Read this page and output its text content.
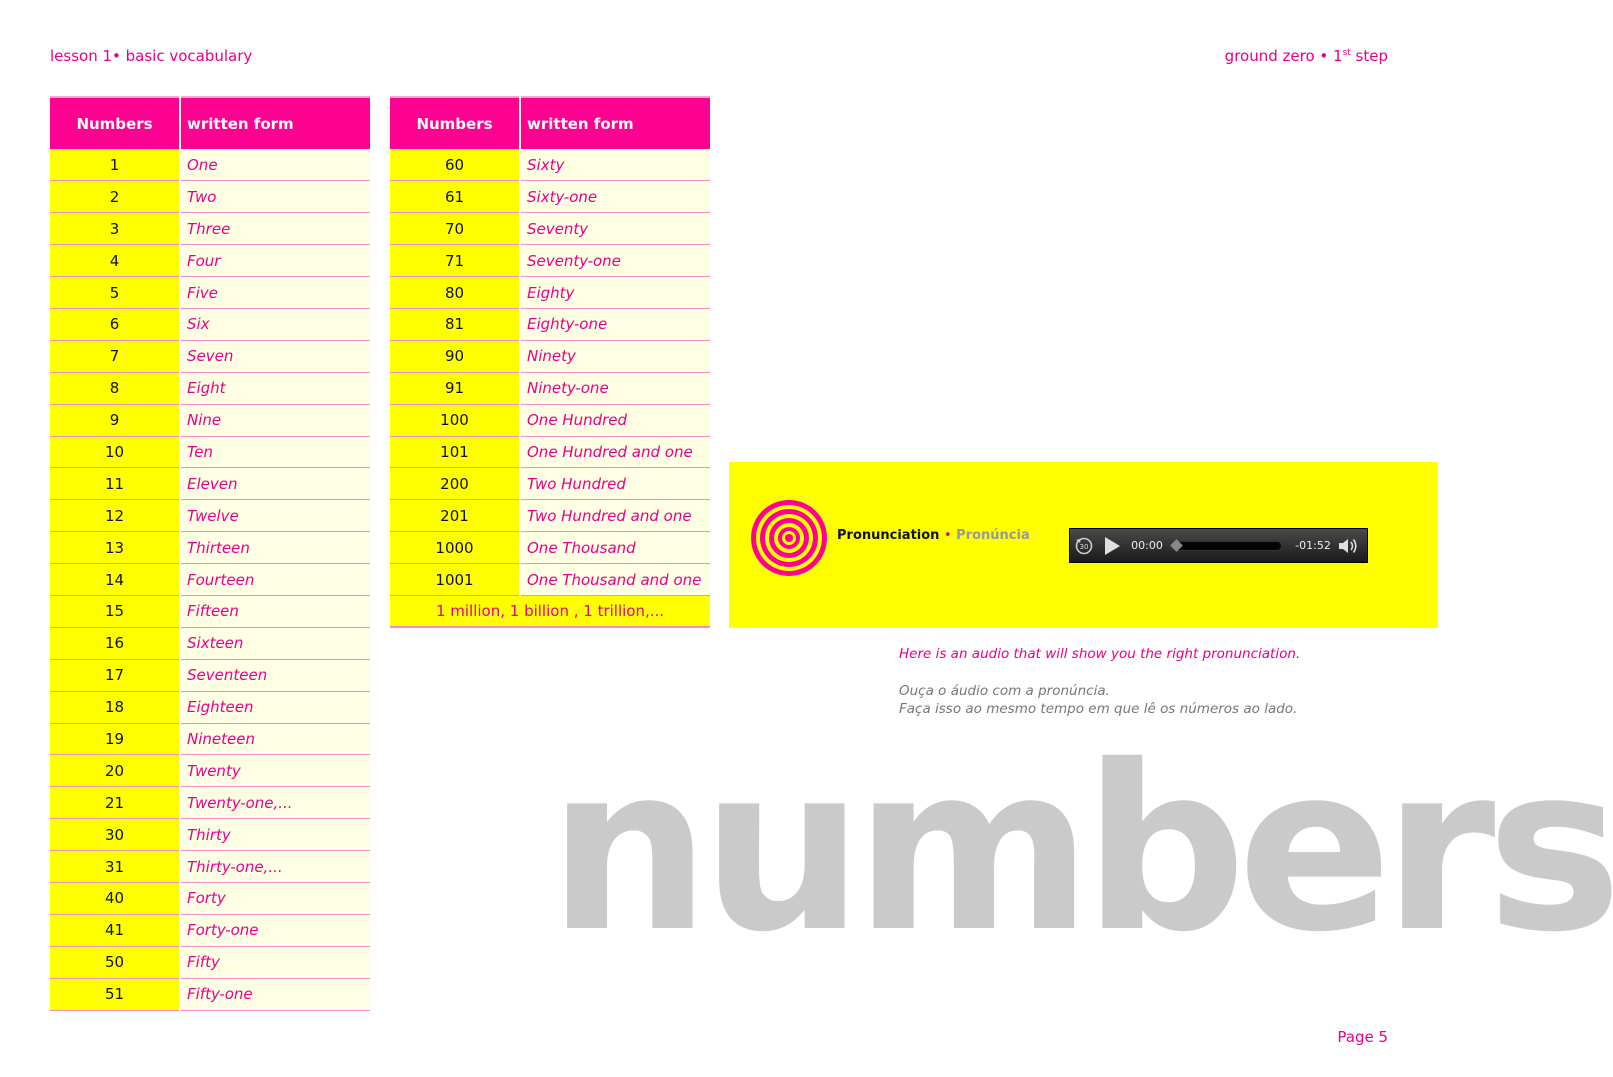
lesson 1• basic vocabulary	ground zero • 1st step
Numbers	written form
1	One
2	Two
3	Three
4	Four
5	Five
6	Six
7	Seven
8	Eight
9	Nine
10	Ten
11	Eleven
12	Twelve
13	Thirteen
14	Fourteen
15	Fifteen
16	Sixteen
17	Seventeen
18	Eighteen
19	Nineteen
20	Twenty
21	Twenty-one,...
30	Thirty
31	Thirty-one,...
40	Forty
41	Forty-one
50	Fifty
51	Fifty-one
Numbers	written form
60	Sixty
61	Sixty-one
70	Seventy
71	Seventy-one
80	Eighty
81	Eighty-one
90	Ninety
91	Ninety-one
100	One Hundred
101	One Hundred and one
200	Two Hundred
201	Two Hundred and one
1000	One Thousand
1001	One Thousand and one
1 million, 1 billion , 1 trillion,...	
Pronunciation • Pronúncia
30	00:00	-01:52
Here is an audio that will show you the right pronunciation.
Ouça o áudio com a pronúncia.
Faça isso ao mesmo tempo em que lê os números ao lado.
numbers
Page 5
